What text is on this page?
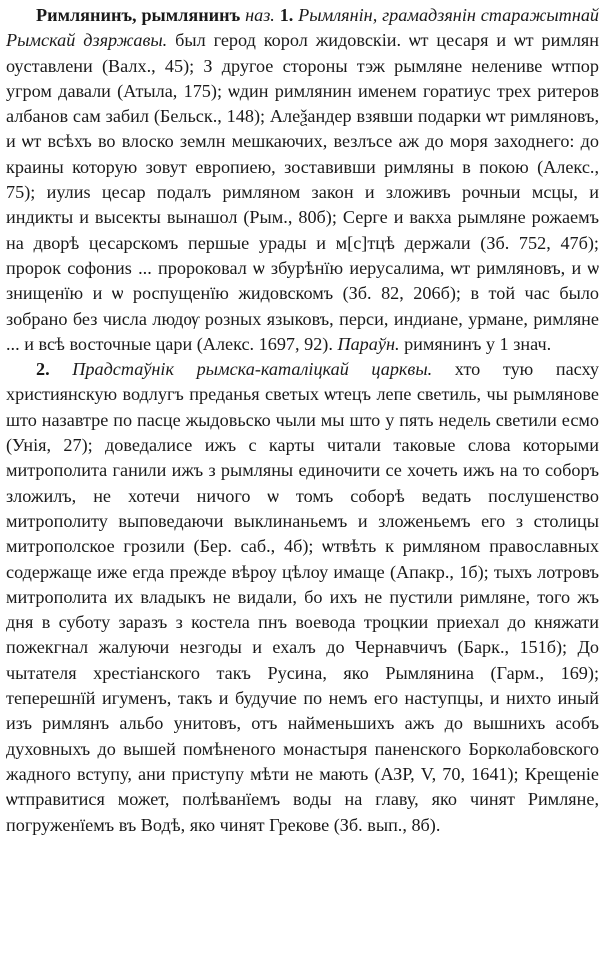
Римлянинъ, рымлянинъ наз. 1. Рымлянін, грамадзянін старажытнай Рымскай дзяржавы. был герод корол жидовскіи. ѡт цесаря и ѡт римлян оуставлени (Валх., 45); З другое стороны тэж рымляне нелениве ѡтпор угром давали (Атыла, 175); ѡдин римлянин именем горатиус трех ритеров албанов сам забил (Бельск., 148); Алеѯандер взявши подарки ѡт римляновъ, и ѡт всѣхъ во влоско землн мешкаючих, везлъсе аж до моря заходнего: до краины которую зовут европиею, зоставивши римляны в покою (Алекс., 75); иулиs цесар подалъ римляном закон и зложивъ рочныи мсцы, и индикты и высекты вынашол (Рым., 80б); Серге и вакха рымляне рожаемъ на дворѣ цесарскомъ першые урады и м[с]тцѣ держали (Зб. 752, 47б); пророк софониs ... пророковал ѡ збурѣнїю иерусалима, ѡт римляновъ, и ѡ знищенїю и ѡ роспущенїю жидовскомъ (Зб. 82, 206б); в той час было зобрано без числа людѹ розных языковъ, перси, индиане, урмане, римляне ... и всѣ восточные цари (Алекс. 1697, 92). Параўн. римянинъ у 1 знач.

2. Прадстаўнік рымска-каталіцкай царквы. хто тую пасху християнскую водлугъ преданья светых ѡтецъ лепе светиль, чы рымляновe што назавтре по пасце жыдовьско чыли мы што у пять недель светили есмо (Унія, 27); доведалисе ижъ с карты читали таковые слова которыми митрополита ганили ижъ з рымляны единочити се хочеть ижъ на то соборъ зложилъ, не хотечи ничого ѡ томъ соборѣ ведать послушенство митрополиту выповедаючи выклинаньемъ и зложеньемъ его з столицы митрополское грозили (Бер. саб., 4б); ѡтвѣть к римляном православных содержаще иже егда прежде вѣроу цѣлоу имаще (Апакр., 1б); тыхъ лотровъ митрополита их владыкъ не видали, бо ихъ не пустили римляне, того жъ дня в суботу заразъ з костела пнъ воевода троцкии приехал до княжати пожекгнал жалуючи незгоды и ехалъ до Чернавчичъ (Барк., 151б); До чытателя хрестіанского такъ Русина, яко Рымлянина (Гарм., 169); теперешнїй игуменъ, такъ и будучие по немъ его наступцы, и нихто иный изъ римлянъ альбо унитовъ, отъ найменьшихъ ажъ до вышнихъ асобъ духовныхъ до вышей помѣненого монастыря паненского Борколабовского жадного вступу, ани приступу мѣти не мають (АЗР, V, 70, 1641); Крещеніе ѡтправитися может, полѣванїемъ воды на главу, яко чинят Римляне, погруженїемъ въ Водѣ, яко чинят Грекове (Зб. вып., 8б).
